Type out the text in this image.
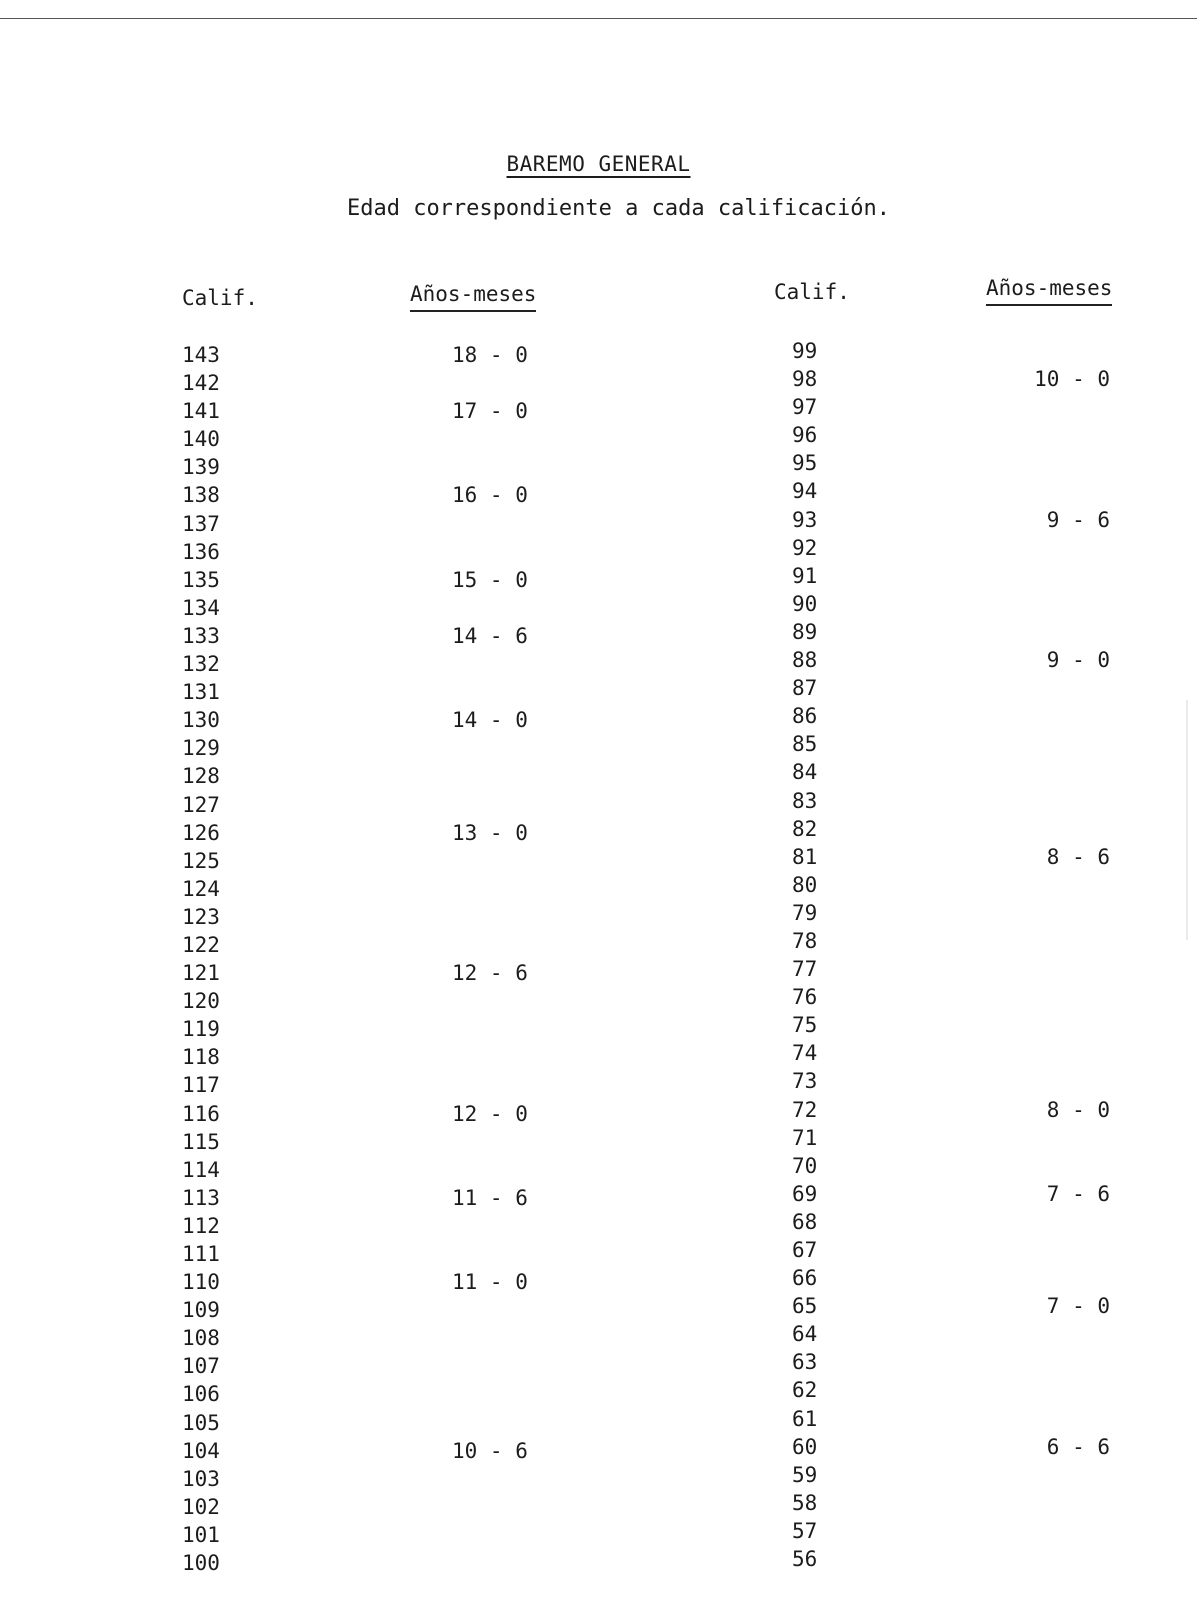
BAREMO GENERAL
Edad correspondiente a cada calificación.
Calif.	Años-meses	Calif.	Años-meses
143	18 - 0
142
141	17 - 0
140
139
138	16 - 0
137
136
135	15 - 0
134
133	14 - 6
132
131
130	14 - 0
129
128
127
126	13 - 0
125
124
123
122
121	12 - 6
120
119
118
117
116	12 - 0
115
114
113	11 - 6
112
111
110	11 - 0
109
108
107
106
105
104	10 - 6
103
102
101
100
99
98	10 - 0
97
96
95
94
93	9 - 6
92
91
90
89
88	9 - 0
87
86
85
84
83
82
81	8 - 6
80
79
78
77
76
75
74
73
72	8 - 0
71
70
69	7 - 6
68
67
66
65	7 - 0
64
63
62
61
60	6 - 6
59
58
57
56
